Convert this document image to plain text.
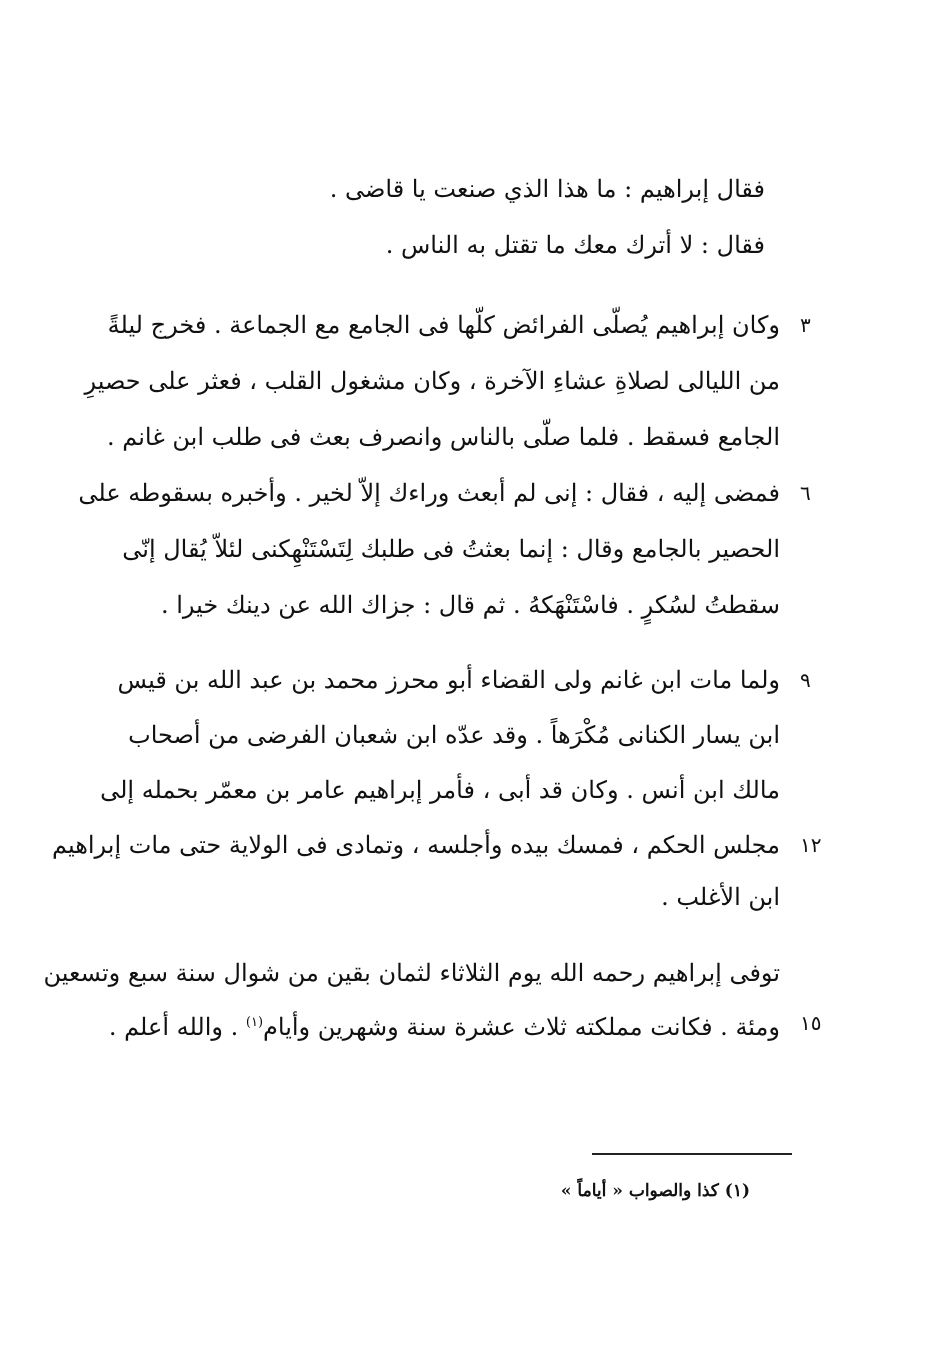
فقال إبراهيم : ما هذا الذي صنعت يا قاضى .
فقال : لا أترك معك ما تقتل به الناس .
وكان إبراهيم يُصلّى الفرائض كلّها فى الجامع مع الجماعة . فخرج ليلةً
من الليالى لصلاةِ عشاءِ الآخرة ، وكان مشغول القلب ، فعثر على حصيرِ
الجامع فسقط . فلما صلّى بالناس وانصرف بعث فى طلب ابن غانم .
فمضى إليه ، فقال : إنى لم أبعث وراءك إلاّ لخير . وأخبره بسقوطه على
الحصير بالجامع وقال : إنما بعثتُ فى طلبك لِتَسْتَنْهِكنى لئلاّ يُقال إنّى
سقطتُ لسُكرٍ . فاسْتَنْهَكهُ . ثم قال : جزاك الله عن دينك خيرا .
ولما مات ابن غانم ولى القضاء أبو محرز محمد بن عبد الله بن قيس
ابن يسار الكنانى مُكْرَهاً . وقد عدّه ابن شعبان الفرضى من أصحاب
مالك ابن أنس . وكان قد أبى ، فأمر إبراهيم عامر بن معمّر بحمله إلى
مجلس الحكم ، فمسك بيده وأجلسه ، وتمادى فى الولاية حتى مات إبراهيم
ابن الأغلب .
توفى إبراهيم رحمه الله يوم الثلاثاء لثمان بقين من شوال سنة سبع وتسعين
ومئة . فكانت مملكته ثلاث عشرة سنة وشهرين وأيام$^{(١)}$ . والله أعلم .
٣
٦
٩
١٢
١٥
(١) كذا والصواب « أياماً »
